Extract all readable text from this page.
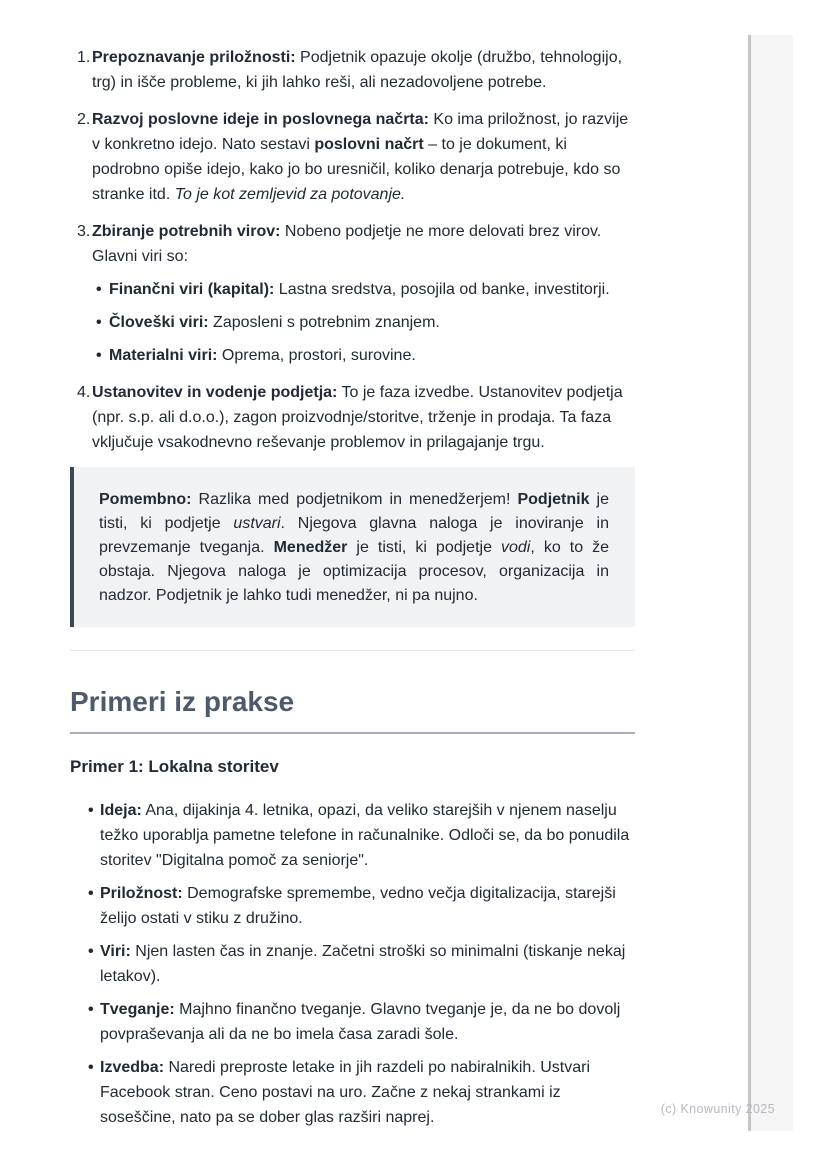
1. Prepoznavanje priložnosti: Podjetnik opazuje okolje (družbo, tehnologijo, trg) in išče probleme, ki jih lahko reši, ali nezadovoljene potrebe.
2. Razvoj poslovne ideje in poslovnega načrta: Ko ima priložnost, jo razvije v konkretno idejo. Nato sestavi poslovni načrt – to je dokument, ki podrobno opiše idejo, kako jo bo uresničil, koliko denarja potrebuje, kdo so stranke itd. To je kot zemljevid za potovanje.
3. Zbiranje potrebnih virov: Nobeno podjetje ne more delovati brez virov. Glavni viri so:
• Finančni viri (kapital): Lastna sredstva, posojila od banke, investitorji.
• Človeški viri: Zaposleni s potrebnim znanjem.
• Materialni viri: Oprema, prostori, surovine.
4. Ustanovitev in vodenje podjetja: To je faza izvedbe. Ustanovitev podjetja (npr. s.p. ali d.o.o.), zagon proizvodnje/storitve, trženje in prodaja. Ta faza vključuje vsakodnevno reševanje problemov in prilagajanje trgu.
Pomembno: Razlika med podjetnikom in menedžerjem! Podjetnik je tisti, ki podjetje ustvari. Njegova glavna naloga je inoviranje in prevzemanje tveganja. Menedžer je tisti, ki podjetje vodi, ko to že obstaja. Njegova naloga je optimizacija procesov, organizacija in nadzor. Podjetnik je lahko tudi menedžer, ni pa nujno.
Primeri iz prakse
Primer 1: Lokalna storitev
• Ideja: Ana, dijakinja 4. letnika, opazi, da veliko starejših v njenem naselju težko uporablja pametne telefone in računalnike. Odloči se, da bo ponudila storitev "Digitalna pomoč za seniorje".
• Priložnost: Demografske spremembe, vedno večja digitalizacija, starejši želijo ostati v stiku z družino.
• Viri: Njen lasten čas in znanje. Začetni stroški so minimalni (tiskanje nekaj letakov).
• Tveganje: Majhno finančno tveganje. Glavno tveganje je, da ne bo dovolj povpraševanja ali da ne bo imela časa zaradi šole.
• Izvedba: Naredi preproste letake in jih razdeli po nabiralnikih. Ustvari Facebook stran. Ceno postavi na uro. Začne z nekaj strankami iz soseščine, nato pa se dober glas razširi naprej.	(c) Knowunity 2025
